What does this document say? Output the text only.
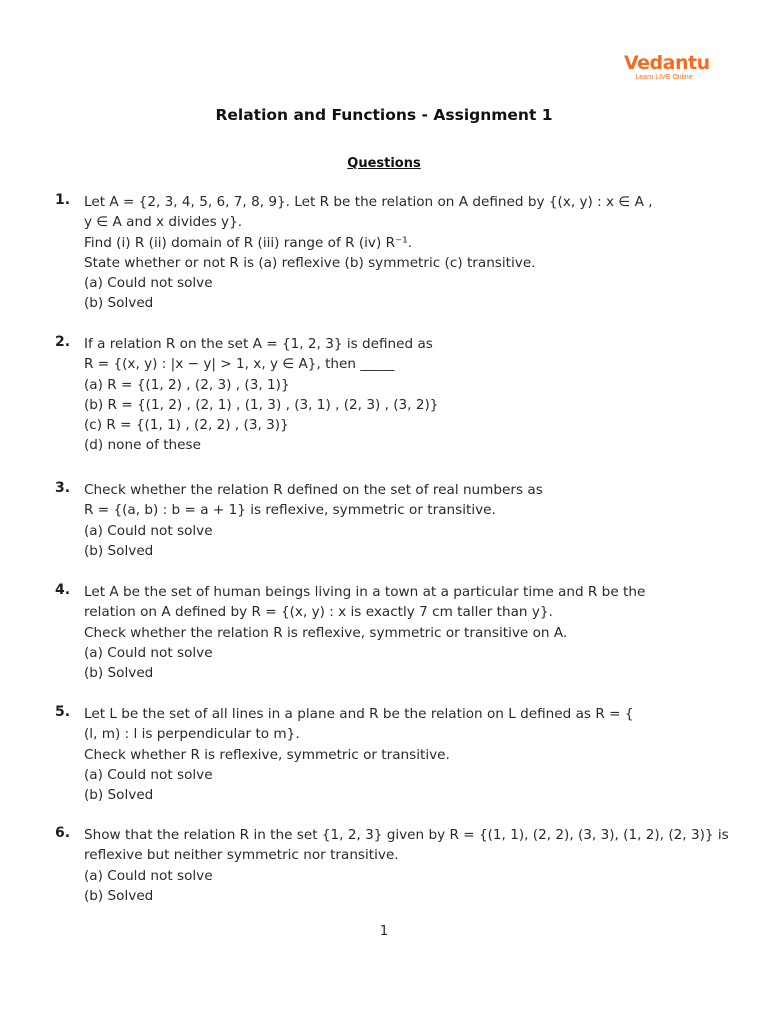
Vedantu
Learn LIVE Online
Relation and Functions - Assignment 1
Questions
1. Let A = {2, 3, 4, 5, 6, 7, 8, 9}. Let R be the relation on A defined by {(x, y) : x ∈ A ,
y ∈ A and x divides y}.
Find (i) R (ii) domain of R (iii) range of R (iv) R⁻¹.
State whether or not R is (a) reflexive (b) symmetric (c) transitive.
(a) Could not solve
(b) Solved
2. If a relation R on the set A = {1, 2, 3} is defined as
R = {(x, y) : |x − y| > 1, x, y ∈ A}, then _____
(a) R = {(1, 2) , (2, 3) , (3, 1)}
(b) R = {(1, 2) , (2, 1) , (1, 3) , (3, 1) , (2, 3) , (3, 2)}
(c) R = {(1, 1) , (2, 2) , (3, 3)}
(d) none of these
3. Check whether the relation R defined on the set of real numbers as
R = {(a, b) : b = a + 1} is reflexive, symmetric or transitive.
(a) Could not solve
(b) Solved
4. Let A be the set of human beings living in a town at a particular time and R be the
relation on A defined by R = {(x, y) : x is exactly 7 cm taller than y}.
Check whether the relation R is reflexive, symmetric or transitive on A.
(a) Could not solve
(b) Solved
5. Let L be the set of all lines in a plane and R be the relation on L defined as R = {
(l, m) : l is perpendicular to m}.
Check whether R is reflexive, symmetric or transitive.
(a) Could not solve
(b) Solved
6. Show that the relation R in the set {1, 2, 3} given by R = {(1, 1), (2, 2), (3, 3), (1, 2), (2, 3)} is
reflexive but neither symmetric nor transitive.
(a) Could not solve
(b) Solved
1
